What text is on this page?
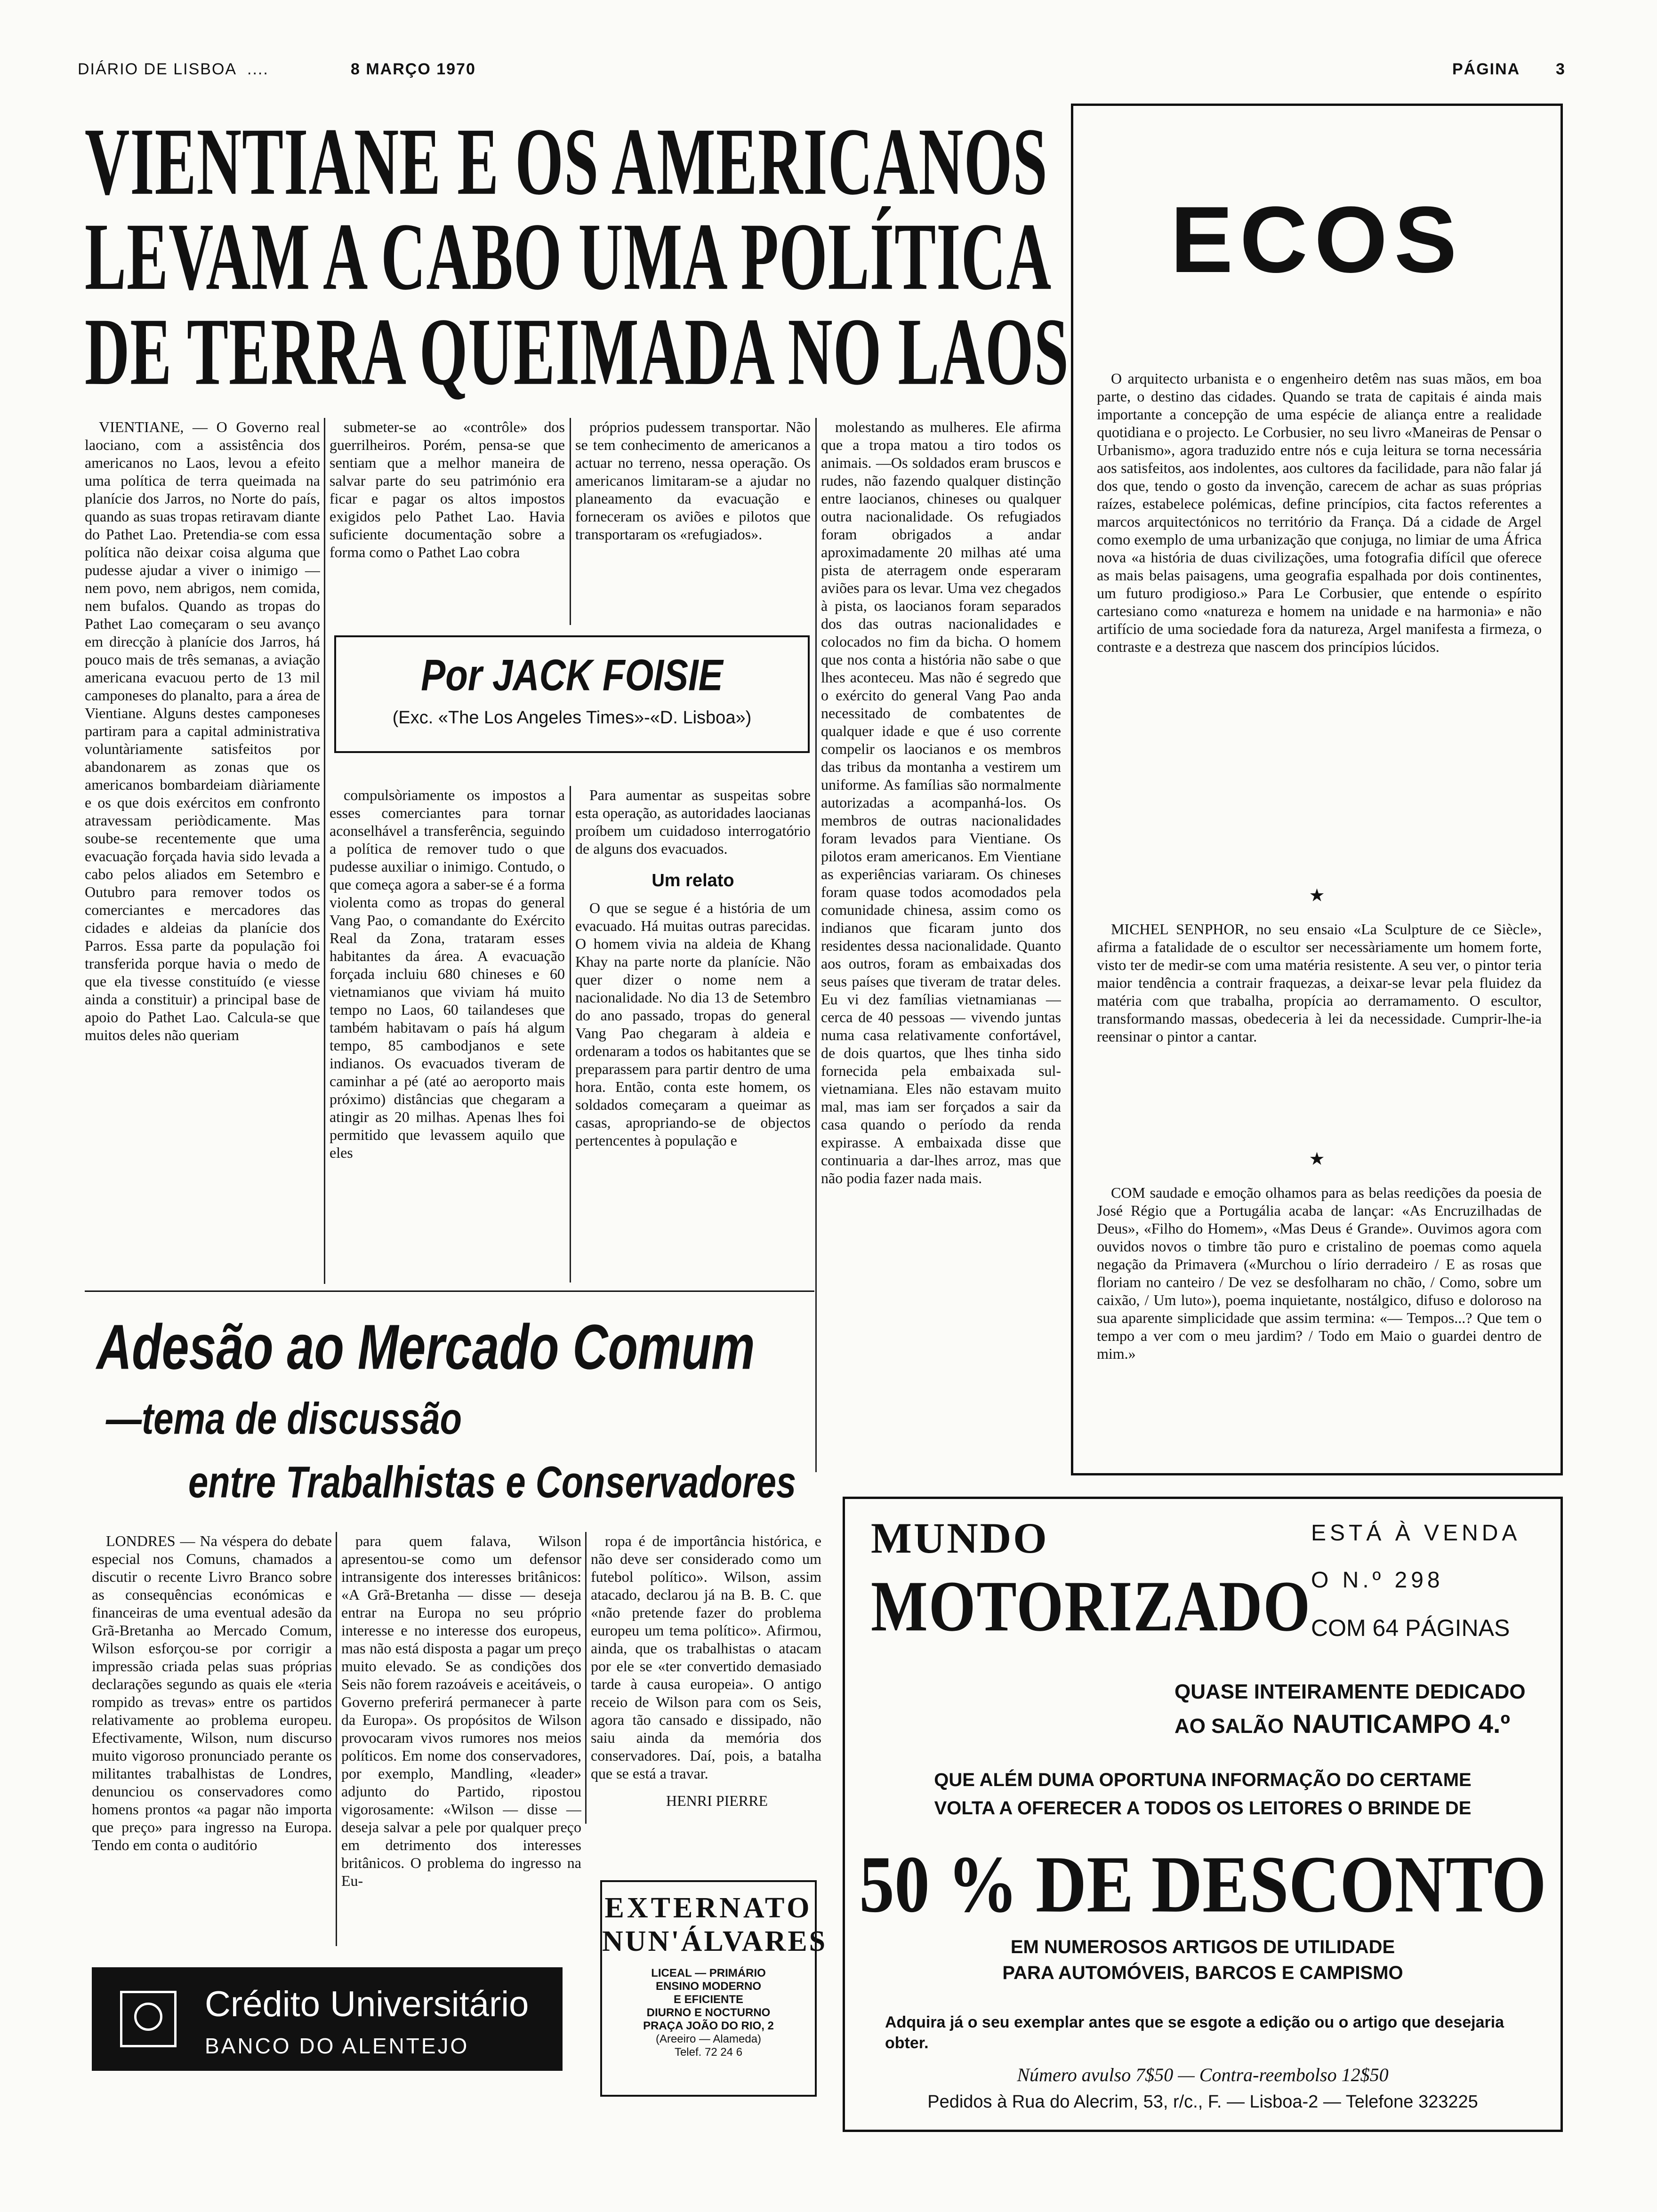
DIÁRIO DE LISBOA ....	8 MARÇO 1970	PÁGINA 3
VIENTIANE E OS AMERICANOS
LEVAM A CABO UMA POLÍTICA
DE TERRA QUEIMADA NO LAOS

VIENTIANE, — O Governo real laociano, com a assistência dos americanos no Laos, levou a efeito uma política de terra queimada na planície dos Jarros, no Norte do país, quando as suas tropas retiravam diante do Pathet Lao. Pretendia-se com essa política não deixar coisa alguma que pudesse ajudar a viver o inimigo — nem povo, nem abrigos, nem comida, nem bufalos. Quando as tropas do Pathet Lao começaram o seu avanço em direcção à planície dos Jarros, há pouco mais de três semanas, a aviação americana evacuou perto de 13 mil camponeses do planalto, para a área de Vientiane. Alguns destes camponeses partiram para a capital administrativa voluntàriamente satisfeitos por abandonarem as zonas que os americanos bombardeiam diàriamente e os que dois exércitos em confronto atravessam periòdicamente. Mas soube-se recentemente que uma evacuação forçada havia sido levada a cabo pelos aliados em Setembro e Outubro para remover todos os comerciantes e mercadores das cidades e aldeias da planície dos Parros. Essa parte da população foi transferida porque havia o medo de que ela tivesse constituído (e viesse ainda a constituir) a principal base de apoio do Pathet Lao. Calcula-se que muitos deles não queriam

submeter-se ao «contrôle» dos guerrilheiros. Porém, pensa-se que sentiam que a melhor maneira de salvar parte do seu património era ficar e pagar os altos impostos exigidos pelo Pathet Lao. Havia suficiente documentação sobre a forma como o Pathet Lao cobra

próprios pudessem transportar. Não se tem conhecimento de americanos a actuar no terreno, nessa operação. Os americanos limitaram-se a ajudar no planeamento da evacuação e forneceram os aviões e pilotos que transportaram os «refugiados».

Por JACK FOISIE
(Exc. «The Los Angeles Times»-«D. Lisboa»)

compulsòriamente os impostos a esses comerciantes para tornar aconselhável a transferência, seguindo a política de remover tudo o que pudesse auxiliar o inimigo. Contudo, o que começa agora a saber-se é a forma violenta como as tropas do general Vang Pao, o comandante do Exército Real da Zona, trataram esses habitantes da área. A evacuação forçada incluiu 680 chineses e 60 vietnamianos que viviam há muito tempo no Laos, 60 tailandeses que também habitavam o país há algum tempo, 85 cambodjanos e sete indianos. Os evacuados tiveram de caminhar a pé (até ao aeroporto mais próximo) distâncias que chegaram a atingir as 20 milhas. Apenas lhes foi permitido que levassem aquilo que eles

Para aumentar as suspeitas sobre esta operação, as autoridades laocianas proíbem um cuidadoso interrogatório de alguns dos evacuados.

Um relato

O que se segue é a história de um evacuado. Há muitas outras parecidas. O homem vivia na aldeia de Khang Khay na parte norte da planície. Não quer dizer o nome nem a nacionalidade. No dia 13 de Setembro do ano passado, tropas do general Vang Pao chegaram à aldeia e ordenaram a todos os habitantes que se preparassem para partir dentro de uma hora. Então, conta este homem, os soldados começaram a queimar as casas, apropriando-se de objectos pertencentes à população e

molestando as mulheres. Ele afirma que a tropa matou a tiro todos os animais. —Os soldados eram bruscos e rudes, não fazendo qualquer distinção entre laocianos, chineses ou qualquer outra nacionalidade. Os refugiados foram obrigados a andar aproximadamente 20 milhas até uma pista de aterragem onde esperaram aviões para os levar. Uma vez chegados à pista, os laocianos foram separados dos das outras nacionalidades e colocados no fim da bicha. O homem que nos conta a história não sabe o que lhes aconteceu. Mas não é segredo que o exército do general Vang Pao anda necessitado de combatentes de qualquer idade e que é uso corrente compelir os laocianos e os membros das tribus da montanha a vestirem um uniforme. As famílias são normalmente autorizadas a acompanhá-los. Os membros de outras nacionalidades foram levados para Vientiane. Os pilotos eram americanos. Em Vientiane as experiências variaram. Os chineses foram quase todos acomodados pela comunidade chinesa, assim como os indianos que ficaram junto dos residentes dessa nacionalidade. Quanto aos outros, foram as embaixadas dos seus países que tiveram de tratar deles. Eu vi dez famílias vietnamianas — cerca de 40 pessoas — vivendo juntas numa casa relativamente confortável, de dois quartos, que lhes tinha sido fornecida pela embaixada sul-vietnamiana. Eles não estavam muito mal, mas iam ser forçados a sair da casa quando o período da renda expirasse. A embaixada disse que continuaria a dar-lhes arroz, mas que não podia fazer nada mais.

ECOS

O arquitecto urbanista e o engenheiro detêm nas suas mãos, em boa parte, o destino das cidades. Quando se trata de capitais é ainda mais importante a concepção de uma espécie de aliança entre a realidade quotidiana e o projecto. Le Corbusier, no seu livro «Maneiras de Pensar o Urbanismo», agora traduzido entre nós e cuja leitura se torna necessária aos satisfeitos, aos indolentes, aos cultores da facilidade, para não falar já dos que, tendo o gosto da invenção, carecem de achar as suas próprias raízes, estabelece polémicas, define princípios, cita factos referentes a marcos arquitectónicos no território da França. Dá a cidade de Argel como exemplo de uma urbanização que conjuga, no limiar de uma África nova «a história de duas civilizações, uma fotografia difícil que oferece as mais belas paisagens, uma geografia espalhada por dois continentes, um futuro prodigioso.» Para Le Corbusier, que entende o espírito cartesiano como «natureza e homem na unidade e na harmonia» e não artifício de uma sociedade fora da natureza, Argel manifesta a firmeza, o contraste e a destreza que nascem dos princípios lúcidos.

★

MICHEL SENPHOR, no seu ensaio «La Sculpture de ce Siècle», afirma a fatalidade de o escultor ser necessàriamente um homem forte, visto ter de medir-se com uma matéria resistente. A seu ver, o pintor teria maior tendência a contrair fraquezas, a deixar-se levar pela fluidez da matéria com que trabalha, propícia ao derramamento. O escultor, transformando massas, obedeceria à lei da necessidade. Cumprir-lhe-ia reensinar o pintor a cantar.

★

COM saudade e emoção olhamos para as belas reedições da poesia de José Régio que a Portugália acaba de lançar: «As Encruzilhadas de Deus», «Filho do Homem», «Mas Deus é Grande». Ouvimos agora com ouvidos novos o timbre tão puro e cristalino de poemas como aquela negação da Primavera («Murchou o lírio derradeiro / E as rosas que floriam no canteiro / De vez se desfolharam no chão, / Como, sobre um caixão, / Um luto»), poema inquietante, nostálgico, difuso e doloroso na sua aparente simplicidade que assim termina: «— Tempos...? Que tem o tempo a ver com o meu jardim? / Todo em Maio o guardei dentro de mim.»

Adesão ao Mercado Comum
—tema de discussão
entre Trabalhistas e Conservadores

LONDRES — Na véspera do debate especial nos Comuns, chamados a discutir o recente Livro Branco sobre as consequências económicas e financeiras de uma eventual adesão da Grã-Bretanha ao Mercado Comum, Wilson esforçou-se por corrigir a impressão criada pelas suas próprias declarações segundo as quais ele «teria rompido as trevas» entre os partidos relativamente ao problema europeu. Efectivamente, Wilson, num discurso muito vigoroso pronunciado perante os militantes trabalhistas de Londres, denunciou os conservadores como homens prontos «a pagar não importa que preço» para ingresso na Europa. Tendo em conta o auditório

para quem falava, Wilson apresentou-se como um defensor intransigente dos interesses britânicos: «A Grã-Bretanha — disse — deseja entrar na Europa no seu próprio interesse e no interesse dos europeus, mas não está disposta a pagar um preço muito elevado. Se as condições dos Seis não forem razoáveis e aceitáveis, o Governo preferirá permanecer à parte da Europa». Os propósitos de Wilson provocaram vivos rumores nos meios políticos. Em nome dos conservadores, por exemplo, Mandling, «leader» adjunto do Partido, ripostou vigorosamente: «Wilson — disse — deseja salvar a pele por qualquer preço em detrimento dos interesses britânicos. O problema do ingresso na Eu-

ropa é de importância histórica, e não deve ser considerado como um futebol político». Wilson, assim atacado, declarou já na B. B. C. que «não pretende fazer do problema europeu um tema político». Afirmou, ainda, que os trabalhistas o atacam por ele se «ter convertido demasiado tarde à causa europeia». O antigo receio de Wilson para com os Seis, agora tão cansado e dissipado, não saiu ainda da memória dos conservadores. Daí, pois, a batalha que se está a travar.

HENRI PIERRE
EXTERNATO
NUN'ÁLVARES
LICEAL — PRIMÁRIO
ENSINO MODERNO
E EFICIENTE
DIURNO E NOCTURNO
PRAÇA JOÃO DO RIO, 2
(Areeiro — Alameda)
Telef. 72 24 6
Crédito Universitário
BANCO DO ALENTEJO
MUNDO
MOTORIZADO
ESTÁ À VENDA
O N.º 298
COM 64 PÁGINAS
QUASE INTEIRAMENTE DEDICADO
AO SALÃO NAUTICAMPO 4.º
QUE ALÉM DUMA OPORTUNA INFORMAÇÃO DO CERTAME
VOLTA A OFERECER A TODOS OS LEITORES O BRINDE DE
50 % DE DESCONTO
EM NUMEROSOS ARTIGOS DE UTILIDADE
PARA AUTOMÓVEIS, BARCOS E CAMPISMO
Adquira já o seu exemplar antes que se esgote a edição ou o artigo que desejaria obter.
Número avulso 7$50 — Contra-reembolso 12$50
Pedidos à Rua do Alecrim, 53, r/c., F. — Lisboa-2 — Telefone 323225
